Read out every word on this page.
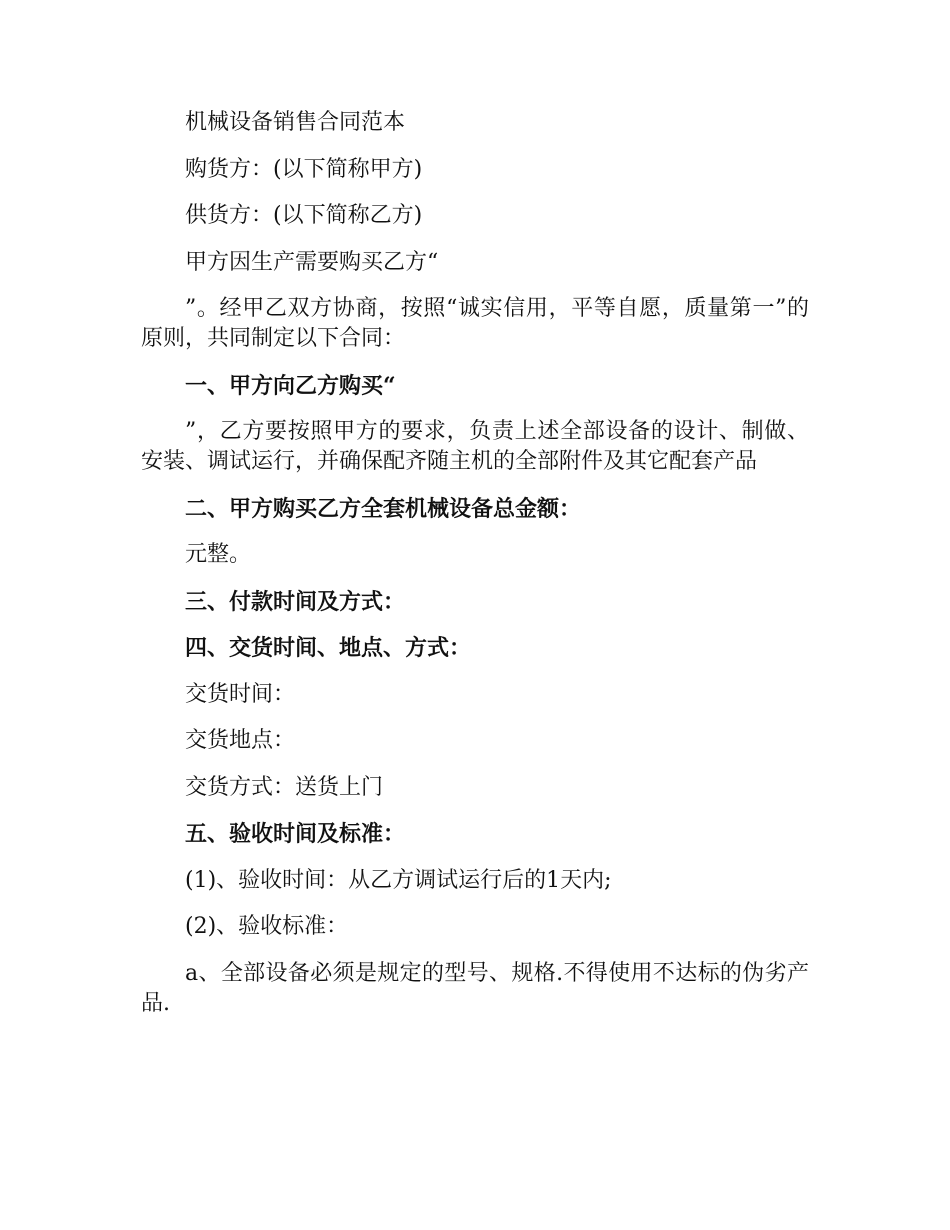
机械设备销售合同范本

购货方：(以下简称甲方)

供货方：(以下简称乙方)

甲方因生产需要购买乙方“

”。经甲乙双方协商，按照“诚实信用，平等自愿，质量第一”的原则，共同制定以下合同：

一、甲方向乙方购买“

”，乙方要按照甲方的要求，负责上述全部设备的设计、制做、安装、调试运行，并确保配齐随主机的全部附件及其它配套产品

二、甲方购买乙方全套机械设备总金额：

元整。

三、付款时间及方式：

四、交货时间、地点、方式：

交货时间：

交货地点：

交货方式：送货上门

五、验收时间及标准：

(1)、验收时间：从乙方调试运行后的1天内;

(2)、验收标准：

a、全部设备必须是规定的型号、规格.不得使用不达标的伪劣产品.
